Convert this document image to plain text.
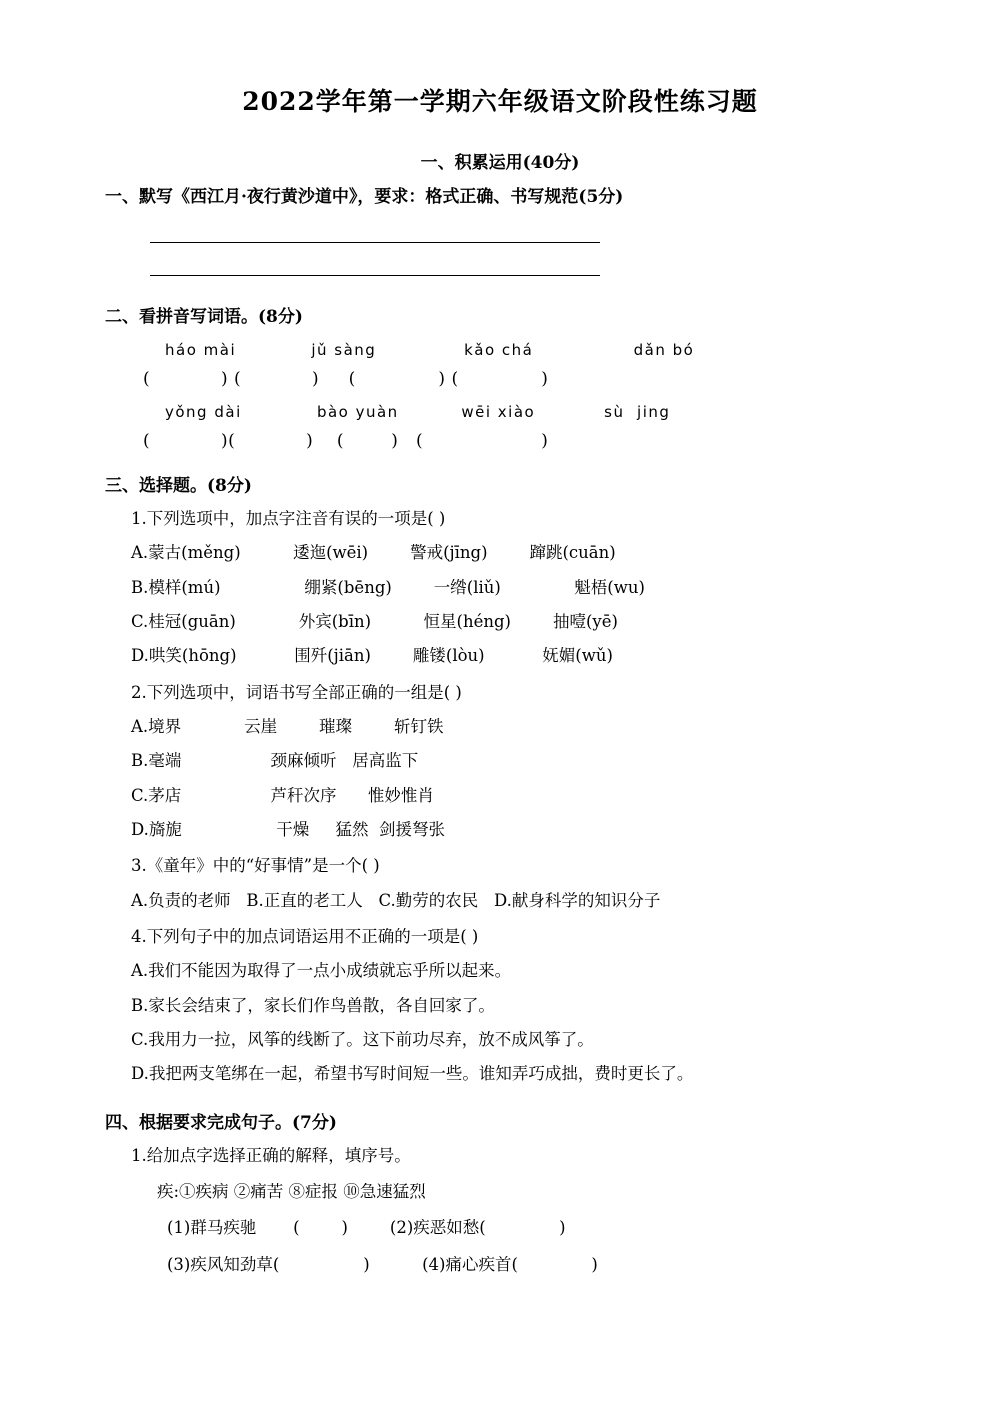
2022学年第一学期六年级语文阶段性练习题
一、积累运用(40分)
一、默写《西江月·夜行黄沙道中》，要求：格式正确、书写规范(5分)
二、看拼音写词语。(8分)
háo mài            jǔ sàng              kǎo chá                dǎn bó
(            ) (            )     (              ) (              )
yǒng dài            bào yuàn          wēi xiào           sù  jing
(            )(            )    (        )   (                    )
三、选择题。(8分)
1.下列选项中，加点字注音有误的一项是( )
A.蒙古(měng)          逶迤(wēi)        警戒(jīng)        蹿跳(cuān)
B.模样(mú)                绷紧(bēng)        一绺(liǔ)              魁梧(wu)
C.桂冠(guān)            外宾(bīn)          恒星(héng)        抽噎(yē)
D.哄笑(hōng)           围歼(jiān)        雕镂(lòu)           妩媚(wǔ)
2.下列选项中，词语书写全部正确的一组是( )
A.境界            云崖        璀璨        斩钉铁
B.毫端                 颈麻倾听   居高监下
C.茅店                 芦秆次序      惟妙惟肖
D.旖旎                  干燥     猛然  剑援弩张
3.《童年》中的“好事情”是一个( )
A.负责的老师   B.正直的老工人   C.勤劳的农民   D.献身科学的知识分子
4.下列句子中的加点词语运用不正确的一项是( )
A.我们不能因为取得了一点小成绩就忘乎所以起来。
B.家长会结束了，家长们作鸟兽散，各自回家了。
C.我用力一拉，风筝的线断了。这下前功尽弃，放不成风筝了。
D.我把两支笔绑在一起，希望书写时间短一些。谁知弄巧成拙，费时更长了。
四、根据要求完成句子。(7分)
1.给加点字选择正确的解释，填序号。
疾:①疾病 ②痛苦 ⑧症报 ⑩急速猛烈
(1)群马疾驰       (        )        (2)疾恶如愁(              )
(3)疾风知劲草(                )          (4)痛心疾首(              )
